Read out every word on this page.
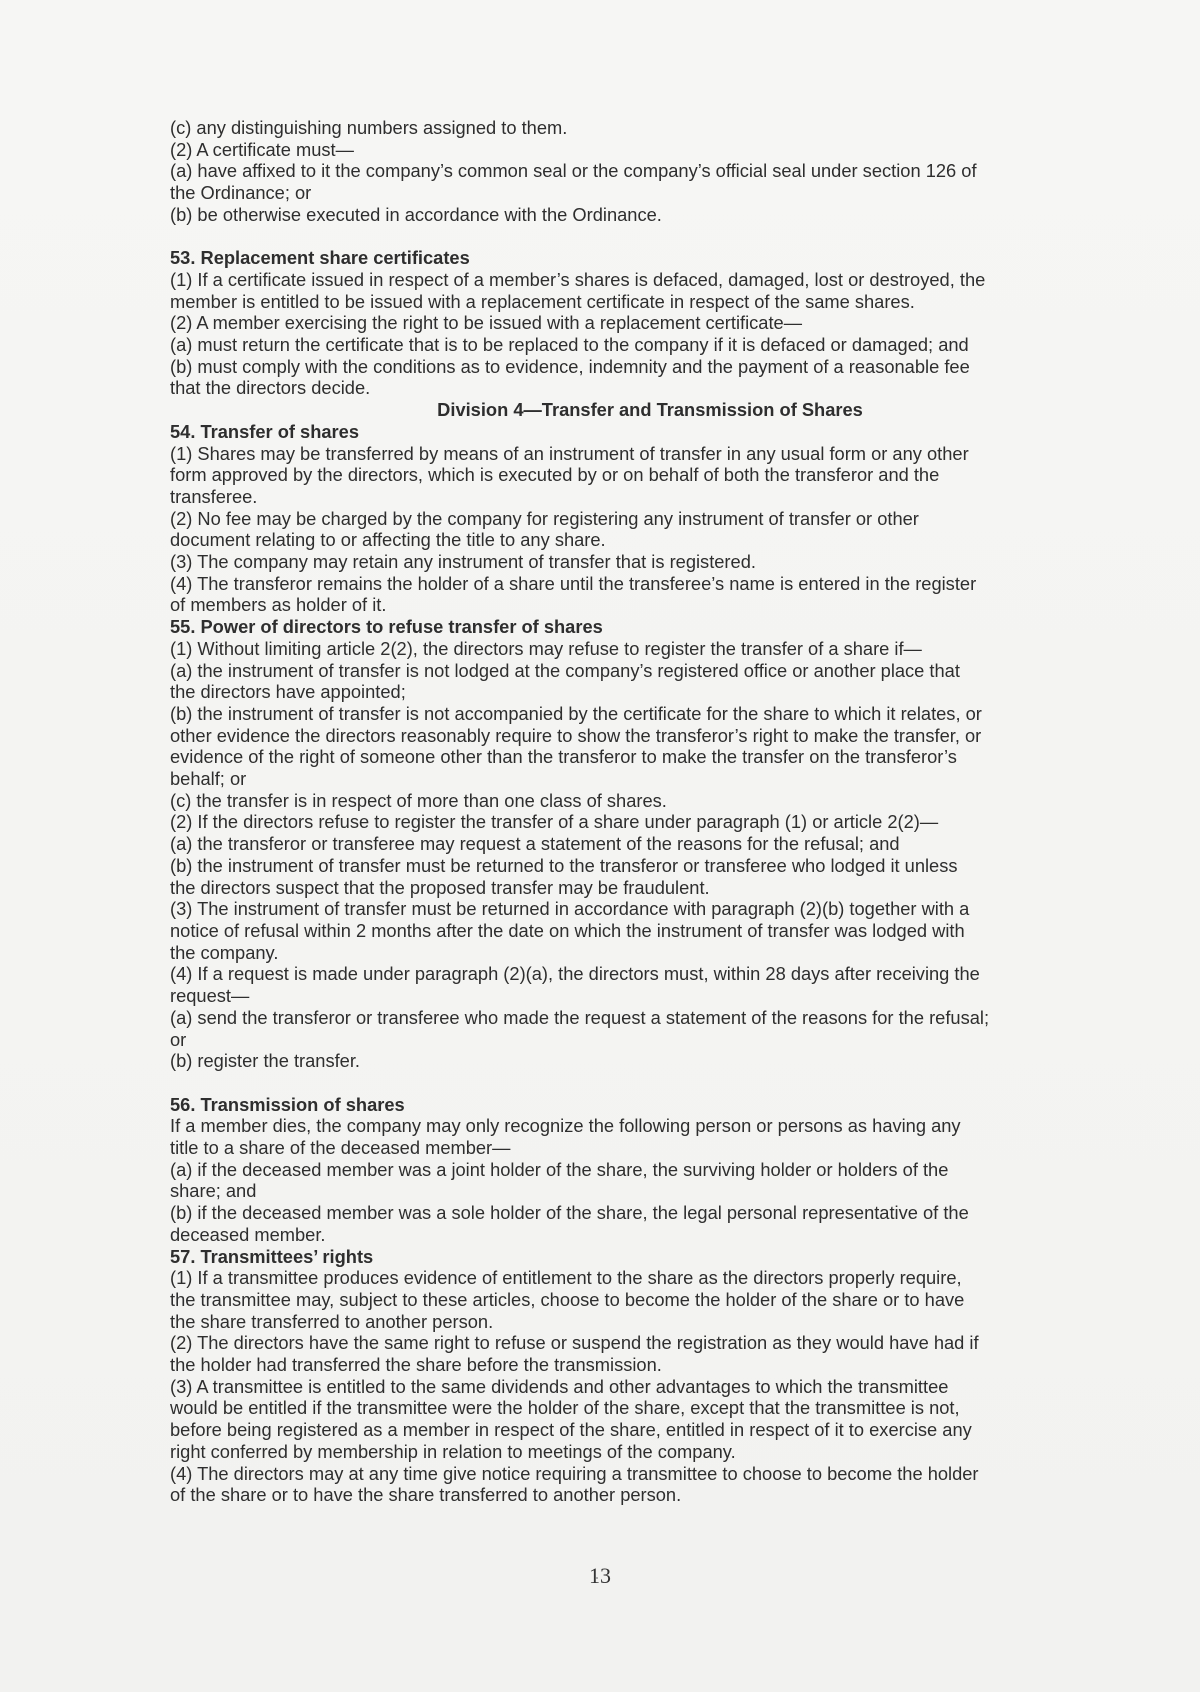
(c) any distinguishing numbers assigned to them.

(2) A certificate must—

(a) have affixed to it the company’s common seal or the company’s official seal under section 126 of

the Ordinance; or

(b) be otherwise executed in accordance with the Ordinance.

53. Replacement share certificates

(1) If a certificate issued in respect of a member’s shares is defaced, damaged, lost or destroyed, the

member is entitled to be issued with a replacement certificate in respect of the same shares.

(2) A member exercising the right to be issued with a replacement certificate—

(a) must return the certificate that is to be replaced to the company if it is defaced or damaged; and

(b) must comply with the conditions as to evidence, indemnity and the payment of a reasonable fee

that the directors decide.

Division 4—Transfer and Transmission of Shares

54. Transfer of shares

(1) Shares may be transferred by means of an instrument of transfer in any usual form or any other

form approved by the directors, which is executed by or on behalf of both the transferor and the

transferee.

(2) No fee may be charged by the company for registering any instrument of transfer or other

document relating to or affecting the title to any share.

(3) The company may retain any instrument of transfer that is registered.

(4) The transferor remains the holder of a share until the transferee’s name is entered in the register

of members as holder of it.

55. Power of directors to refuse transfer of shares

(1) Without limiting article 2(2), the directors may refuse to register the transfer of a share if—

(a) the instrument of transfer is not lodged at the company’s registered office or another place that

the directors have appointed;

(b) the instrument of transfer is not accompanied by the certificate for the share to which it relates, or

other evidence the directors reasonably require to show the transferor’s right to make the transfer, or

evidence of the right of someone other than the transferor to make the transfer on the transferor’s

behalf; or

(c) the transfer is in respect of more than one class of shares.

(2) If the directors refuse to register the transfer of a share under paragraph (1) or article 2(2)—

(a) the transferor or transferee may request a statement of the reasons for the refusal; and

(b) the instrument of transfer must be returned to the transferor or transferee who lodged it unless

the directors suspect that the proposed transfer may be fraudulent.

(3) The instrument of transfer must be returned in accordance with paragraph (2)(b) together with a

notice of refusal within 2 months after the date on which the instrument of transfer was lodged with

the company.

(4) If a request is made under paragraph (2)(a), the directors must, within 28 days after receiving the

request—

(a) send the transferor or transferee who made the request a statement of the reasons for the refusal;

or

(b) register the transfer.

56. Transmission of shares

If a member dies, the company may only recognize the following person or persons as having any

title to a share of the deceased member—

(a) if the deceased member was a joint holder of the share, the surviving holder or holders of the

share; and

(b) if the deceased member was a sole holder of the share, the legal personal representative of the

deceased member.

57. Transmittees’ rights

(1) If a transmittee produces evidence of entitlement to the share as the directors properly require,

the transmittee may, subject to these articles, choose to become the holder of the share or to have

the share transferred to another person.

(2) The directors have the same right to refuse or suspend the registration as they would have had if

the holder had transferred the share before the transmission.

(3) A transmittee is entitled to the same dividends and other advantages to which the transmittee

would be entitled if the transmittee were the holder of the share, except that the transmittee is not,

before being registered as a member in respect of the share, entitled in respect of it to exercise any

right conferred by membership in relation to meetings of the company.

(4) The directors may at any time give notice requiring a transmittee to choose to become the holder

of the share or to have the share transferred to another person.

13
